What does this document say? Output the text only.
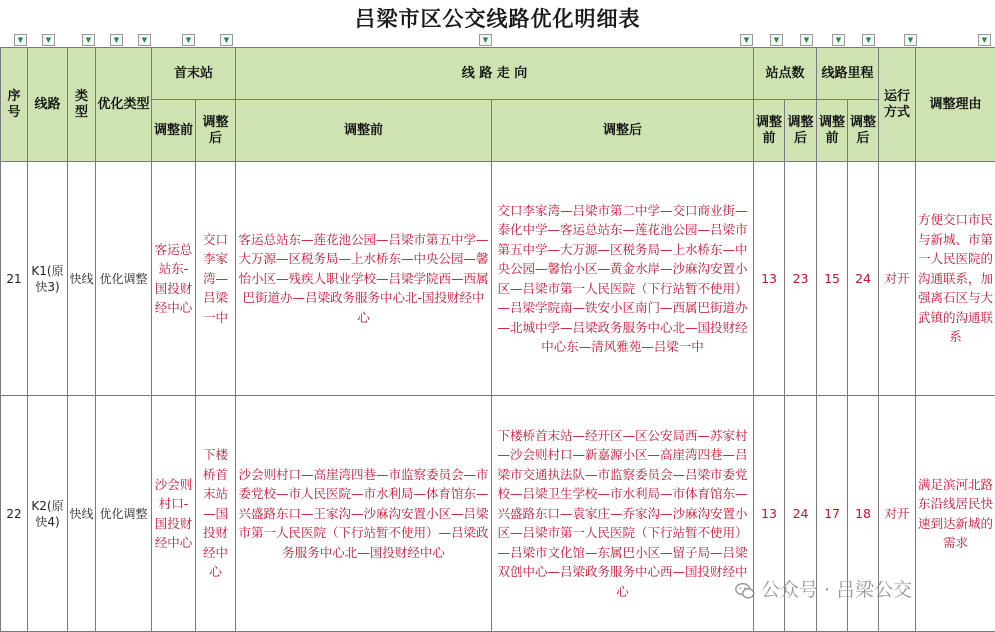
吕梁市区公交线路优化明细表
▼	▼	▼	▼	▼	▼	▼	▼	▼	▼	▼	▼	▼	▼	▼
序号	线路	类型	优化类型	首末站		线 路 走 向		站点数		线路里程		运行方式	调整理由
				调整前	调整后	调整前	调整后	调整前	调整后	调整前	调整后		
21	K1(原快3)	快线	优化调整	客运总站东-国投财经中心	交口李家湾—吕梁一中	客运总站东—莲花池公园—吕梁市第五中学—大万源—区税务局—上水桥东—中央公园—馨怡小区—残疾人职业学校—吕梁学院西—西属巴街道办—吕梁政务服务中心北-国投财经中心	交口李家湾—吕梁市第二中学—交口商业街—泰化中学—客运总站东—莲花池公园—吕梁市第五中学—大万源—区税务局—上水桥东—中央公园—馨怡小区—黄金水岸—沙麻沟安置小区—吕梁市第一人民医院（下行站暂不使用）—吕梁学院南—铁安小区南门—西属巴街道办—北城中学—吕梁政务服务中心北—国投财经中心东—清风雅苑—吕梁一中	13	23	15	24	对开	方便交口市民与新城、市第一人民医院的沟通联系，加强离石区与大武镇的沟通联系
22	K2(原快4)	快线	优化调整	沙会则村口-国投财经中心	下楼桥首末站—国投财经中心	沙会则村口—高崖湾四巷—市监察委员会—市委党校—市人民医院—市水利局—体育馆东—兴盛路东口—王家沟—沙麻沟安置小区—吕梁市第一人民医院（下行站暂不使用）—吕梁政务服务中心北—国投财经中心	下楼桥首末站—经开区—区公安局西—苏家村—沙会则村口—新嘉源小区—高崖湾四巷—吕梁市交通执法队—市监察委员会—吕梁市委党校—吕梁卫生学校—市水利局—市体育馆东—兴盛路东口—袁家庄—乔家沟—沙麻沟安置小区—吕梁市第一人民医院（下行站暂不使用）—吕梁市文化馆—东属巴小区—留子局—吕梁双创中心—吕梁政务服务中心西—国投财经中心	13	24	17	18	对开	满足滨河北路东沿线居民快速到达新城的需求
公众号 · 吕梁公交
